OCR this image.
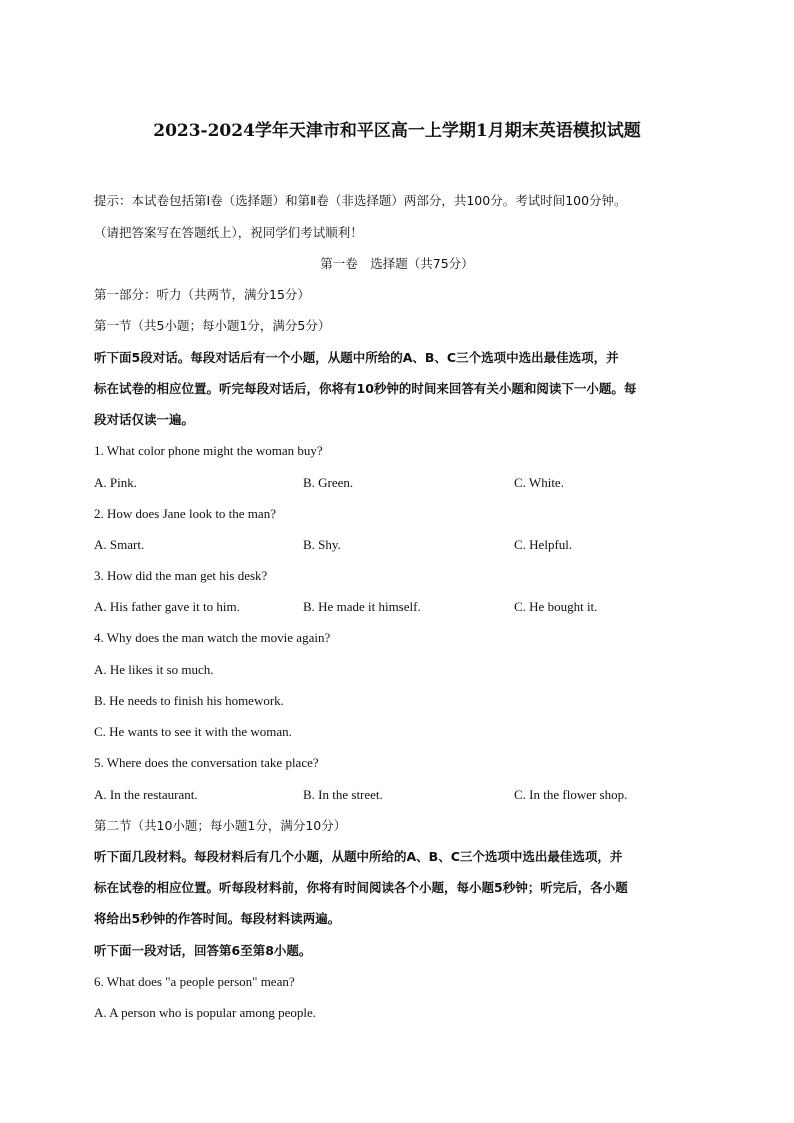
2023-2024学年天津市和平区高一上学期1月期末英语模拟试题
提示：本试卷包括第Ⅰ卷（选择题）和第Ⅱ卷（非选择题）两部分，共100分。考试时间100分钟。
（请把答案写在答题纸上），祝同学们考试顺利！
第一卷　选择题（共75分）
第一部分：听力（共两节，满分15分）
第一节（共5小题；每小题1分，满分5分）
听下面5段对话。每段对话后有一个小题，从题中所给的A、B、C三个选项中选出最佳选项，并
标在试卷的相应位置。听完每段对话后，你将有10秒钟的时间来回答有关小题和阅读下一小题。每
段对话仅读一遍。
1. What color phone might the woman buy?
A. Pink.	B. Green.	C. White.
2. How does Jane look to the man?
A. Smart.	B. Shy.	C. Helpful.
3. How did the man get his desk?
A. His father gave it to him.	B. He made it himself.	C. He bought it.
4. Why does the man watch the movie again?
A. He likes it so much.
B. He needs to finish his homework.
C. He wants to see it with the woman.
5. Where does the conversation take place?
A. In the restaurant.	B. In the street.	C. In the flower shop.
第二节（共10小题；每小题1分，满分10分）
听下面几段材料。每段材料后有几个小题，从题中所给的A、B、C三个选项中选出最佳选项，并
标在试卷的相应位置。听每段材料前，你将有时间阅读各个小题，每小题5秒钟；听完后，各小题
将给出5秒钟的作答时间。每段材料读两遍。
听下面一段对话，回答第6至第8小题。
6. What does "a people person" mean?
A. A person who is popular among people.
